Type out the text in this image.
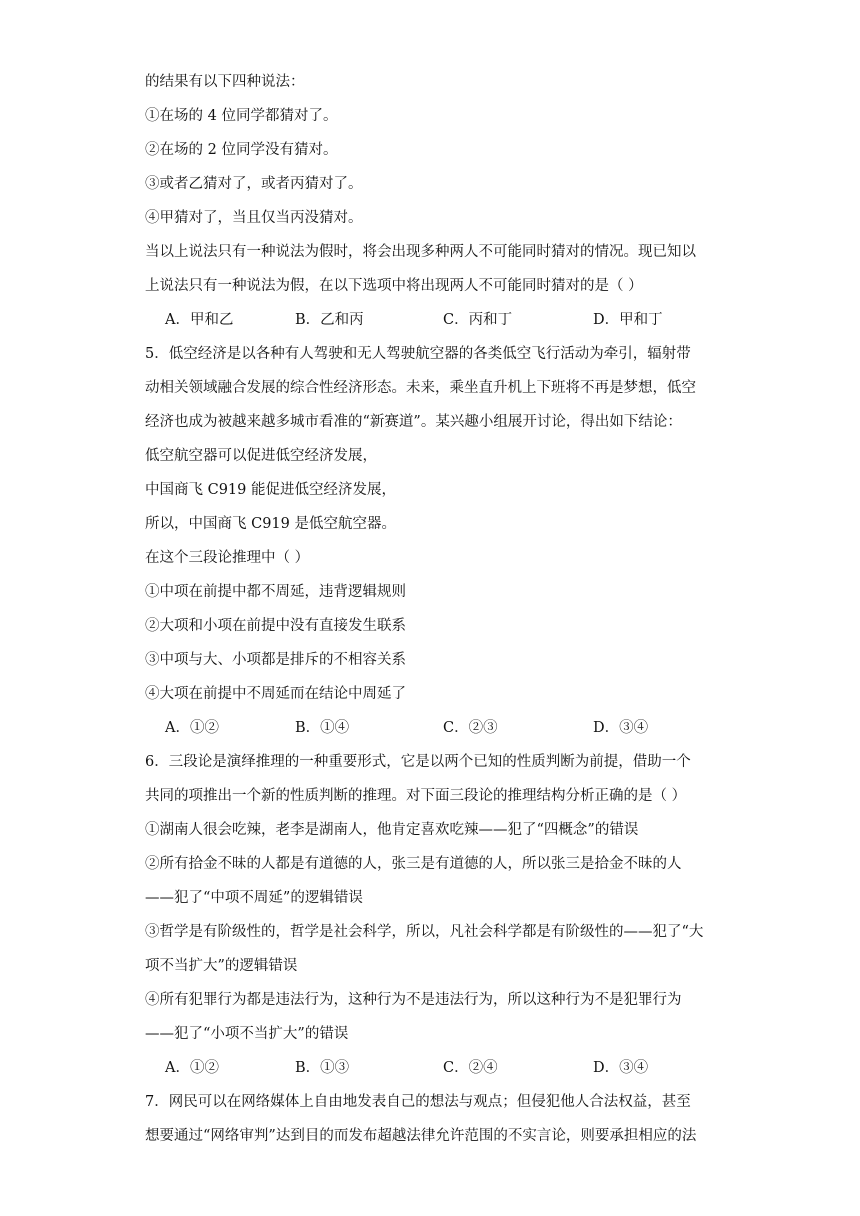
的结果有以下四种说法：
①在场的 4 位同学都猜对了。
②在场的 2 位同学没有猜对。
③或者乙猜对了，或者丙猜对了。
④甲猜对了，当且仅当丙没猜对。
当以上说法只有一种说法为假时，将会出现多种两人不可能同时猜对的情况。现已知以
上说法只有一种说法为假，在以下选项中将出现两人不可能同时猜对的是（ ）
A．甲和乙	B．乙和丙	C．丙和丁	D．甲和丁
5．低空经济是以各种有人驾驶和无人驾驶航空器的各类低空飞行活动为牵引，辐射带
动相关领域融合发展的综合性经济形态。未来，乘坐直升机上下班将不再是梦想，低空
经济也成为被越来越多城市看准的“新赛道”。某兴趣小组展开讨论，得出如下结论：
低空航空器可以促进低空经济发展，
中国商飞 C919 能促进低空经济发展，
所以，中国商飞 C919 是低空航空器。
在这个三段论推理中（ ）
①中项在前提中都不周延，违背逻辑规则
②大项和小项在前提中没有直接发生联系
③中项与大、小项都是排斥的不相容关系
④大项在前提中不周延而在结论中周延了
A．①②	B．①④	C．②③	D．③④
6．三段论是演绎推理的一种重要形式，它是以两个已知的性质判断为前提，借助一个
共同的项推出一个新的性质判断的推理。对下面三段论的推理结构分析正确的是（ ）
①湖南人很会吃辣，老李是湖南人，他肯定喜欢吃辣——犯了“四概念”的错误
②所有拾金不昧的人都是有道德的人，张三是有道德的人，所以张三是拾金不昧的人
——犯了“中项不周延”的逻辑错误
③哲学是有阶级性的，哲学是社会科学，所以，凡社会科学都是有阶级性的——犯了“大
项不当扩大”的逻辑错误
④所有犯罪行为都是违法行为，这种行为不是违法行为，所以这种行为不是犯罪行为
——犯了“小项不当扩大”的错误
A．①②	B．①③	C．②④	D．③④
7．网民可以在网络媒体上自由地发表自己的想法与观点；但侵犯他人合法权益，甚至
想要通过“网络审判”达到目的而发布超越法律允许范围的不实言论，则要承担相应的法
